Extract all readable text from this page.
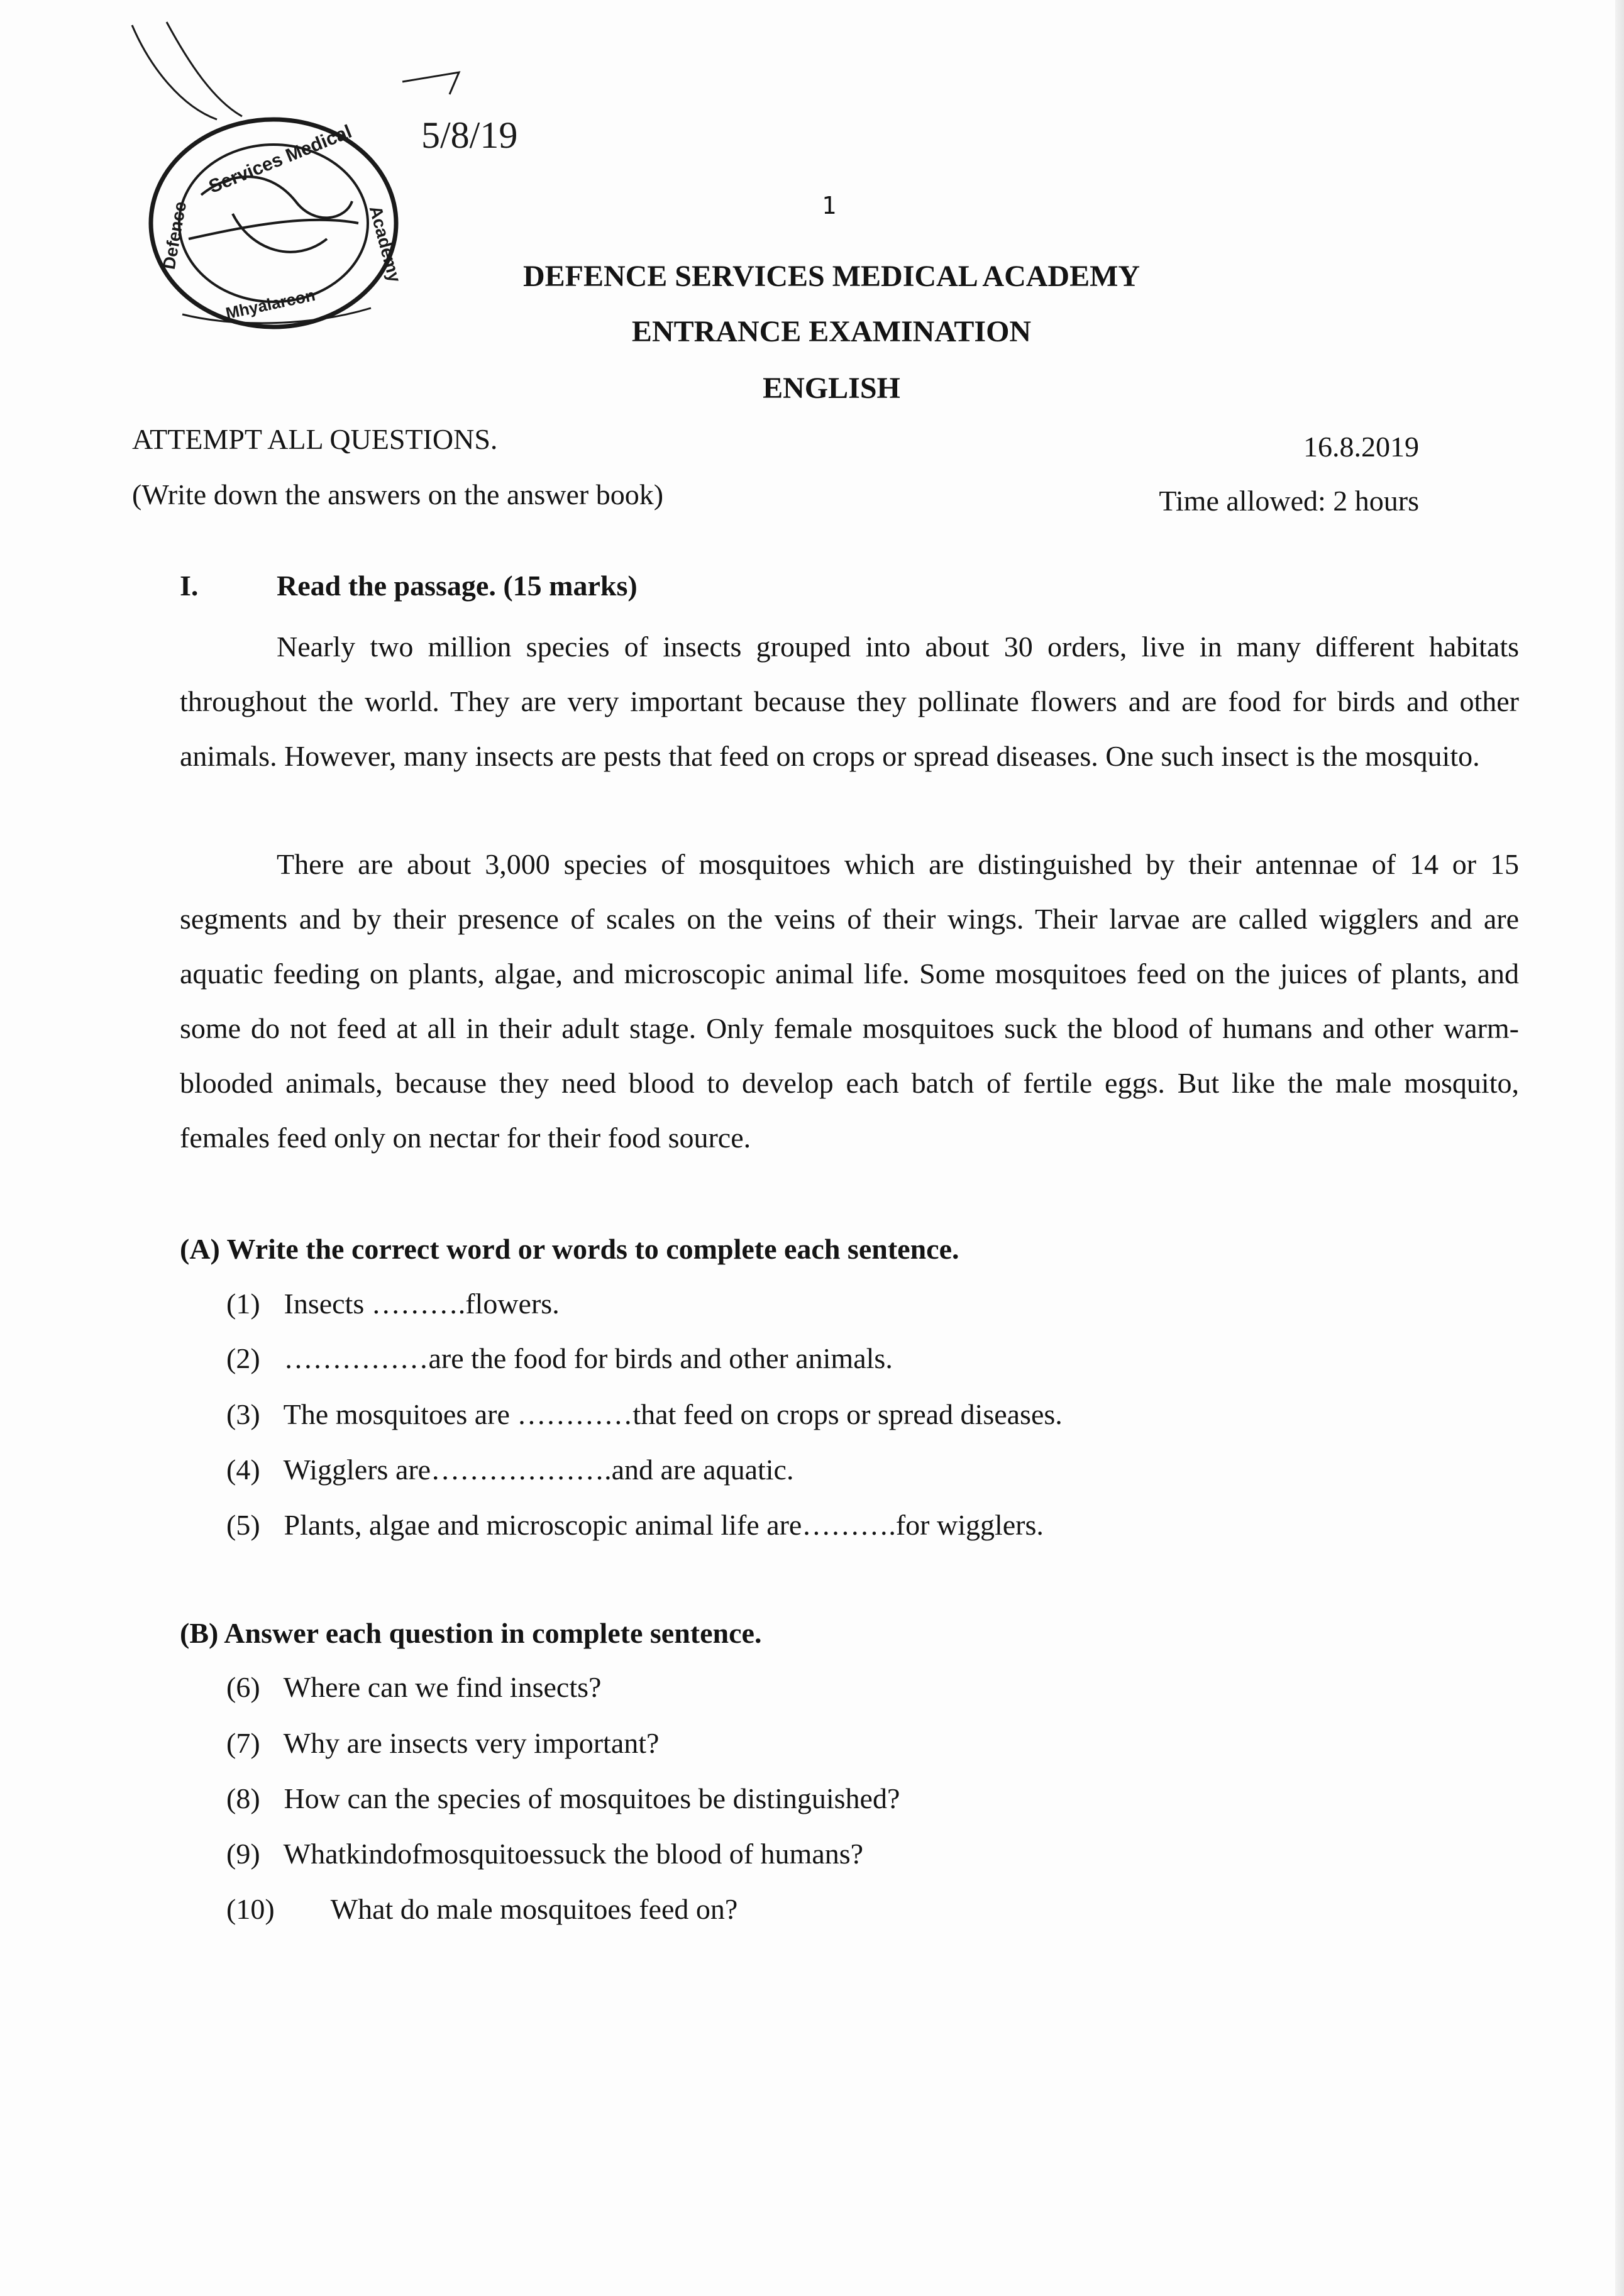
5/8/19
Services Medical
Defence
Mhyalarcon
Academy	1
DEFENCE SERVICES MEDICAL ACADEMY
ENTRANCE EXAMINATION
ENGLISH
ATTEMPT ALL QUESTIONS.
(Write down the answers on the answer book)
16.8.2019
Time allowed: 2 hours
I.	Read the passage. (15 marks)
Nearly two million species of insects grouped into about 30 orders, live in many different habitats throughout the world. They are very important because they pollinate flowers and are food for birds and other animals. However, many insects are pests that feed on crops or spread diseases. One such insect is the mosquito.
There are about 3,000 species of mosquitoes which are distinguished by their antennae of 14 or 15 segments and by their presence of scales on the veins of their wings. Their larvae are called wigglers and are aquatic feeding on plants, algae, and microscopic animal life. Some mosquitoes feed on the juices of plants, and some do not feed at all in their adult stage. Only female mosquitoes suck the blood of humans and other warm-blooded animals, because they need blood to develop each batch of fertile eggs. But like the male mosquito, females feed only on nectar for their food source.
(A) Write the correct word or words to complete each sentence.
(1) Insects ……….flowers.
(2) ……………are the food for birds and other animals.
(3) The mosquitoes are …………that feed on crops or spread diseases.
(4) Wigglers are……………….and are aquatic.
(5) Plants, algae and microscopic animal life are……….for wigglers.
(B) Answer each question in complete sentence.
(6) Where can we find insects?
(7) Why are insects very important?
(8) How can the species of mosquitoes be distinguished?
(9) Whatkindofmosquitoessuck the blood of humans?
(10) What do male mosquitoes feed on?
